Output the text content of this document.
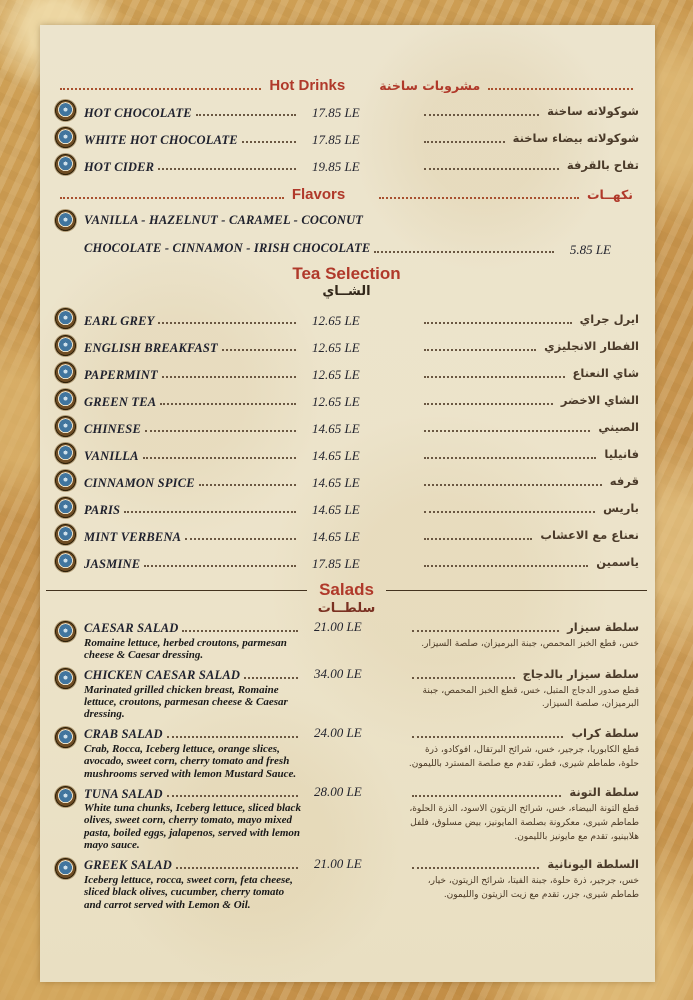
Hot Drinks	مشروبات ساخنة
HOT CHOCOLATE	17.85 LE	شوكولاته ساخنة
WHITE HOT CHOCOLATE	17.85 LE	شوكولاته بيضاء ساخنة
HOT CIDER	19.85 LE	تفاح بالقرفة
Flavors	نكهــات
VANILLA - HAZELNUT - CARAMEL - COCONUT
CHOCOLATE - CINNAMON - IRISH CHOCOLATE	5.85 LE
Tea Selection
الشــاي
EARL GREY	12.65 LE	ايرل جراي
ENGLISH BREAKFAST	12.65 LE	الفطار الانجليزي
PAPERMINT	12.65 LE	شاي النعناع
GREEN TEA	12.65 LE	الشاي الاخضر
CHINESE	14.65 LE	الصيني
VANILLA	14.65 LE	فانيليا
CINNAMON SPICE	14.65 LE	قرفه
PARIS	14.65 LE	باريس
MINT VERBENA	14.65 LE	نعناع مع الاعشاب
JASMINE	17.85 LE	ياسمين
Salads
سلطــات
CAESAR SALAD
Romaine lettuce, herbed croutons, parmesan cheese & Caesar dressing.
21.00 LE	سلطة سيزار
خس، قطع الخبز المحمص، جبنة البرميزان، صلصة السيزار.
CHICKEN CAESAR SALAD
Marinated grilled chicken breast, Romaine lettuce, croutons, parmesan cheese & Caesar dressing.
34.00 LE	سلطة سيزار بالدجاج
قطع صدور الدجاج المتبل، خس، قطع الخبز المحمص، جبنة البرميزان، صلصة السيزار.
CRAB SALAD
Crab, Rocca, Iceberg lettuce, orange slices, avocado, sweet corn, cherry tomato and fresh mushrooms served with lemon Mustard Sauce.
24.00 LE	سلطة كراب
قطع الكابوريا، جرجير، خس، شرائح البرتقال، افوكادو، ذرة حلوة، طماطم شيرى، فطر، تقدم مع صلصة المسترد بالليمون.
TUNA SALAD
White tuna chunks, Iceberg lettuce, sliced black olives, sweet corn, cherry tomato, mayo mixed pasta, boiled eggs, jalapenos, served with lemon mayo sauce.
28.00 LE	سلطة التونة
قطع التونة البيضاء، خس، شرائح الزيتون الاسود، الذرة الحلوة، طماطم شيرى، معكرونة بصلصة المايونيز، بيض مسلوق، فلفل هلابينيو، تقدم مع مايونيز بالليمون.
GREEK SALAD
Iceberg lettuce, rocca, sweet corn, feta cheese, sliced black olives, cucumber, cherry tomato and carrot served with Lemon & Oil.
21.00 LE	السلطة اليونانية
خس، جرجير، ذرة حلوة، جبنة الفيتا، شرائح الزيتون، خيار، طماطم شيرى، جزر، تقدم مع زيت الزيتون والليمون.
